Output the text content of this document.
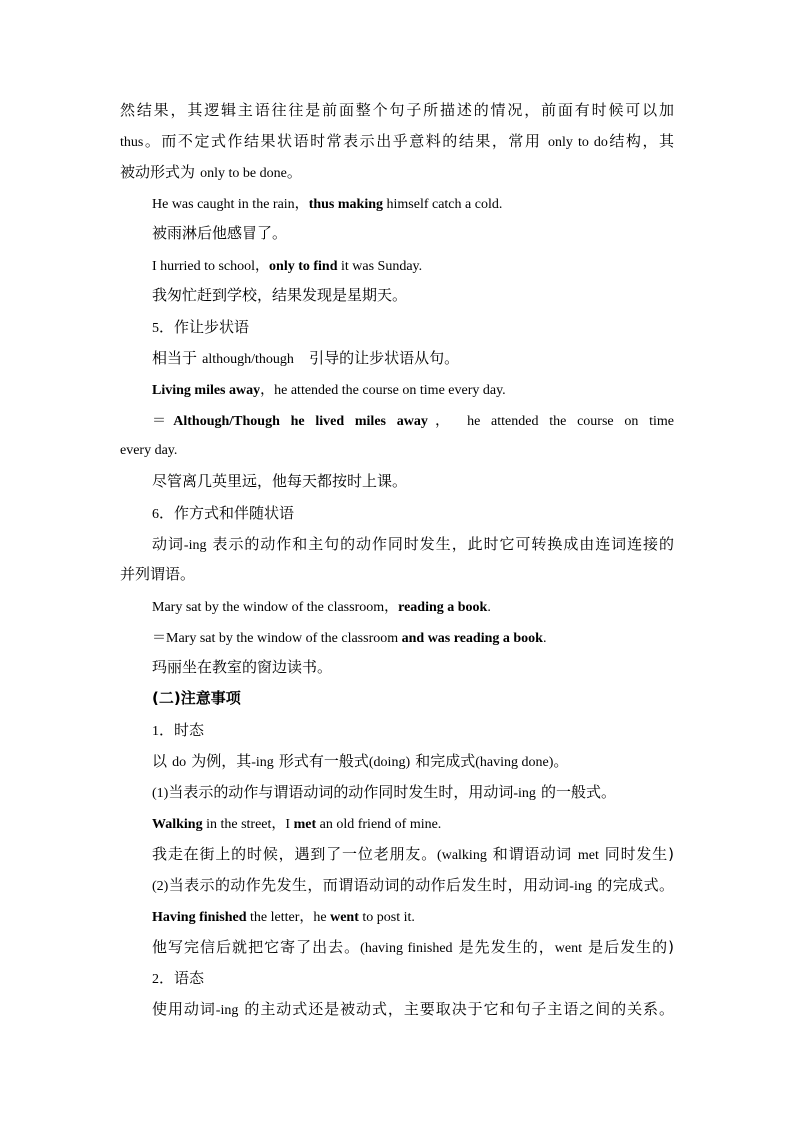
然结果，其逻辑主语往往是前面整个句子所描述的情况，前面有时候可以加
thus。而不定式作结果状语时常表示出乎意料的结果，常用 only to do结构，其
被动形式为 only to be done。
He was caught in the rain，thus making himself catch a cold.
被雨淋后他感冒了。
I hurried to school，only to find it was Sunday.
我匆忙赶到学校，结果发现是星期天。
5．作让步状语
相当于 although/though 引导的让步状语从句。
Living miles away，he attended the course on time every day.
＝Although/Though he lived miles away， he attended the course on time
every day.
尽管离几英里远，他每天都按时上课。
6．作方式和伴随状语
动词-ing 表示的动作和主句的动作同时发生，此时它可转换成由连词连接的
并列谓语。
Mary sat by the window of the classroom，reading a book.
＝Mary sat by the window of the classroom and was reading a book.
玛丽坐在教室的窗边读书。
(二)注意事项
1．时态
以 do 为例，其-ing 形式有一般式(doing) 和完成式(having done)。
(1)当表示的动作与谓语动词的动作同时发生时，用动词-ing 的一般式。
Walking in the street，I met an old friend of mine.
我走在街上的时候，遇到了一位老朋友。(walking 和谓语动词 met 同时发生)
(2)当表示的动作先发生，而谓语动词的动作后发生时，用动词-ing 的完成式。
Having finished the letter，he went to post it.
他写完信后就把它寄了出去。(having finished 是先发生的，went 是后发生的)
2．语态
使用动词-ing 的主动式还是被动式，主要取决于它和句子主语之间的关系。
